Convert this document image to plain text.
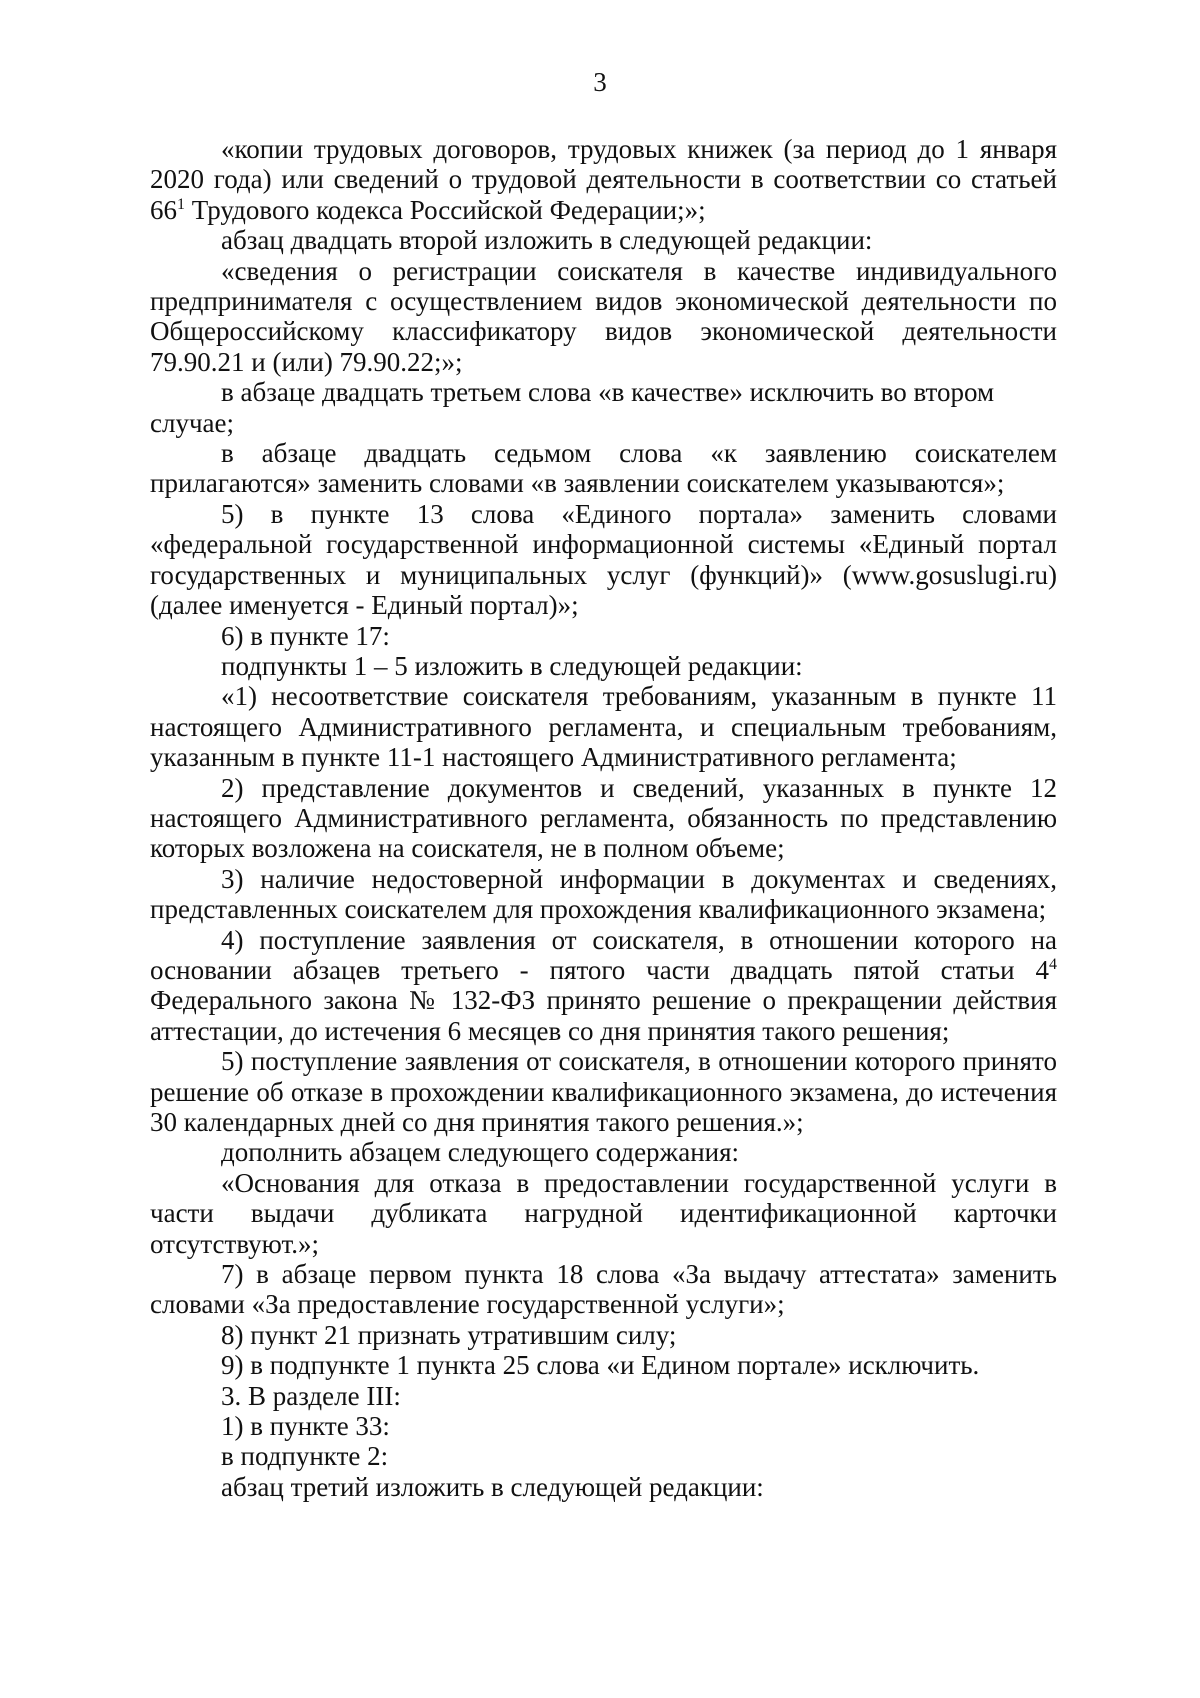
3

«копии трудовых договоров, трудовых книжек (за период до 1 января 2020 года) или сведений о трудовой деятельности в соответствии со статьей $66^1$ Трудового кодекса Российской Федерации;»;

абзац двадцать второй изложить в следующей редакции:

«сведения о регистрации соискателя в качестве индивидуального предпринимателя с осуществлением видов экономической деятельности по Общероссийскому классификатору видов экономической деятельности 79.90.21 и (или) 79.90.22;»;

в абзаце двадцать третьем слова «в качестве» исключить во втором случае;

в абзаце двадцать седьмом слова «к заявлению соискателем прилагаются» заменить словами «в заявлении соискателем указываются»;

5) в пункте 13 слова «Единого портала» заменить словами «федеральной государственной информационной системы «Единый портал государственных и муниципальных услуг (функций)» (www.gosuslugi.ru) (далее именуется - Единый портал)»;

6) в пункте 17:

подпункты 1 – 5 изложить в следующей редакции:

«1) несоответствие соискателя требованиям, указанным в пункте 11 настоящего Административного регламента, и специальным требованиям, указанным в пункте 11-1 настоящего Административного регламента;

2) представление документов и сведений, указанных в пункте 12 настоящего Административного регламента, обязанность по представлению которых возложена на соискателя, не в полном объеме;

3) наличие недостоверной информации в документах и сведениях, представленных соискателем для прохождения квалификационного экзамена;

4) поступление заявления от соискателя, в отношении которого на основании абзацев третьего - пятого части двадцать пятой статьи $4^4$ Федерального закона № 132-ФЗ принято решение о прекращении действия аттестации, до истечения 6 месяцев со дня принятия такого решения;

5) поступление заявления от соискателя, в отношении которого принято решение об отказе в прохождении квалификационного экзамена, до истечения 30 календарных дней со дня принятия такого решения.»;

дополнить абзацем следующего содержания:

«Основания для отказа в предоставлении государственной услуги в части выдачи дубликата нагрудной идентификационной карточки отсутствуют.»;

7) в абзаце первом пункта 18 слова «За выдачу аттестата» заменить словами «За предоставление государственной услуги»;

8) пункт 21 признать утратившим силу;

9) в подпункте 1 пункта 25 слова «и Едином портале» исключить.

3. В разделе III:

1) в пункте 33:

в подпункте 2:

абзац третий изложить в следующей редакции:
